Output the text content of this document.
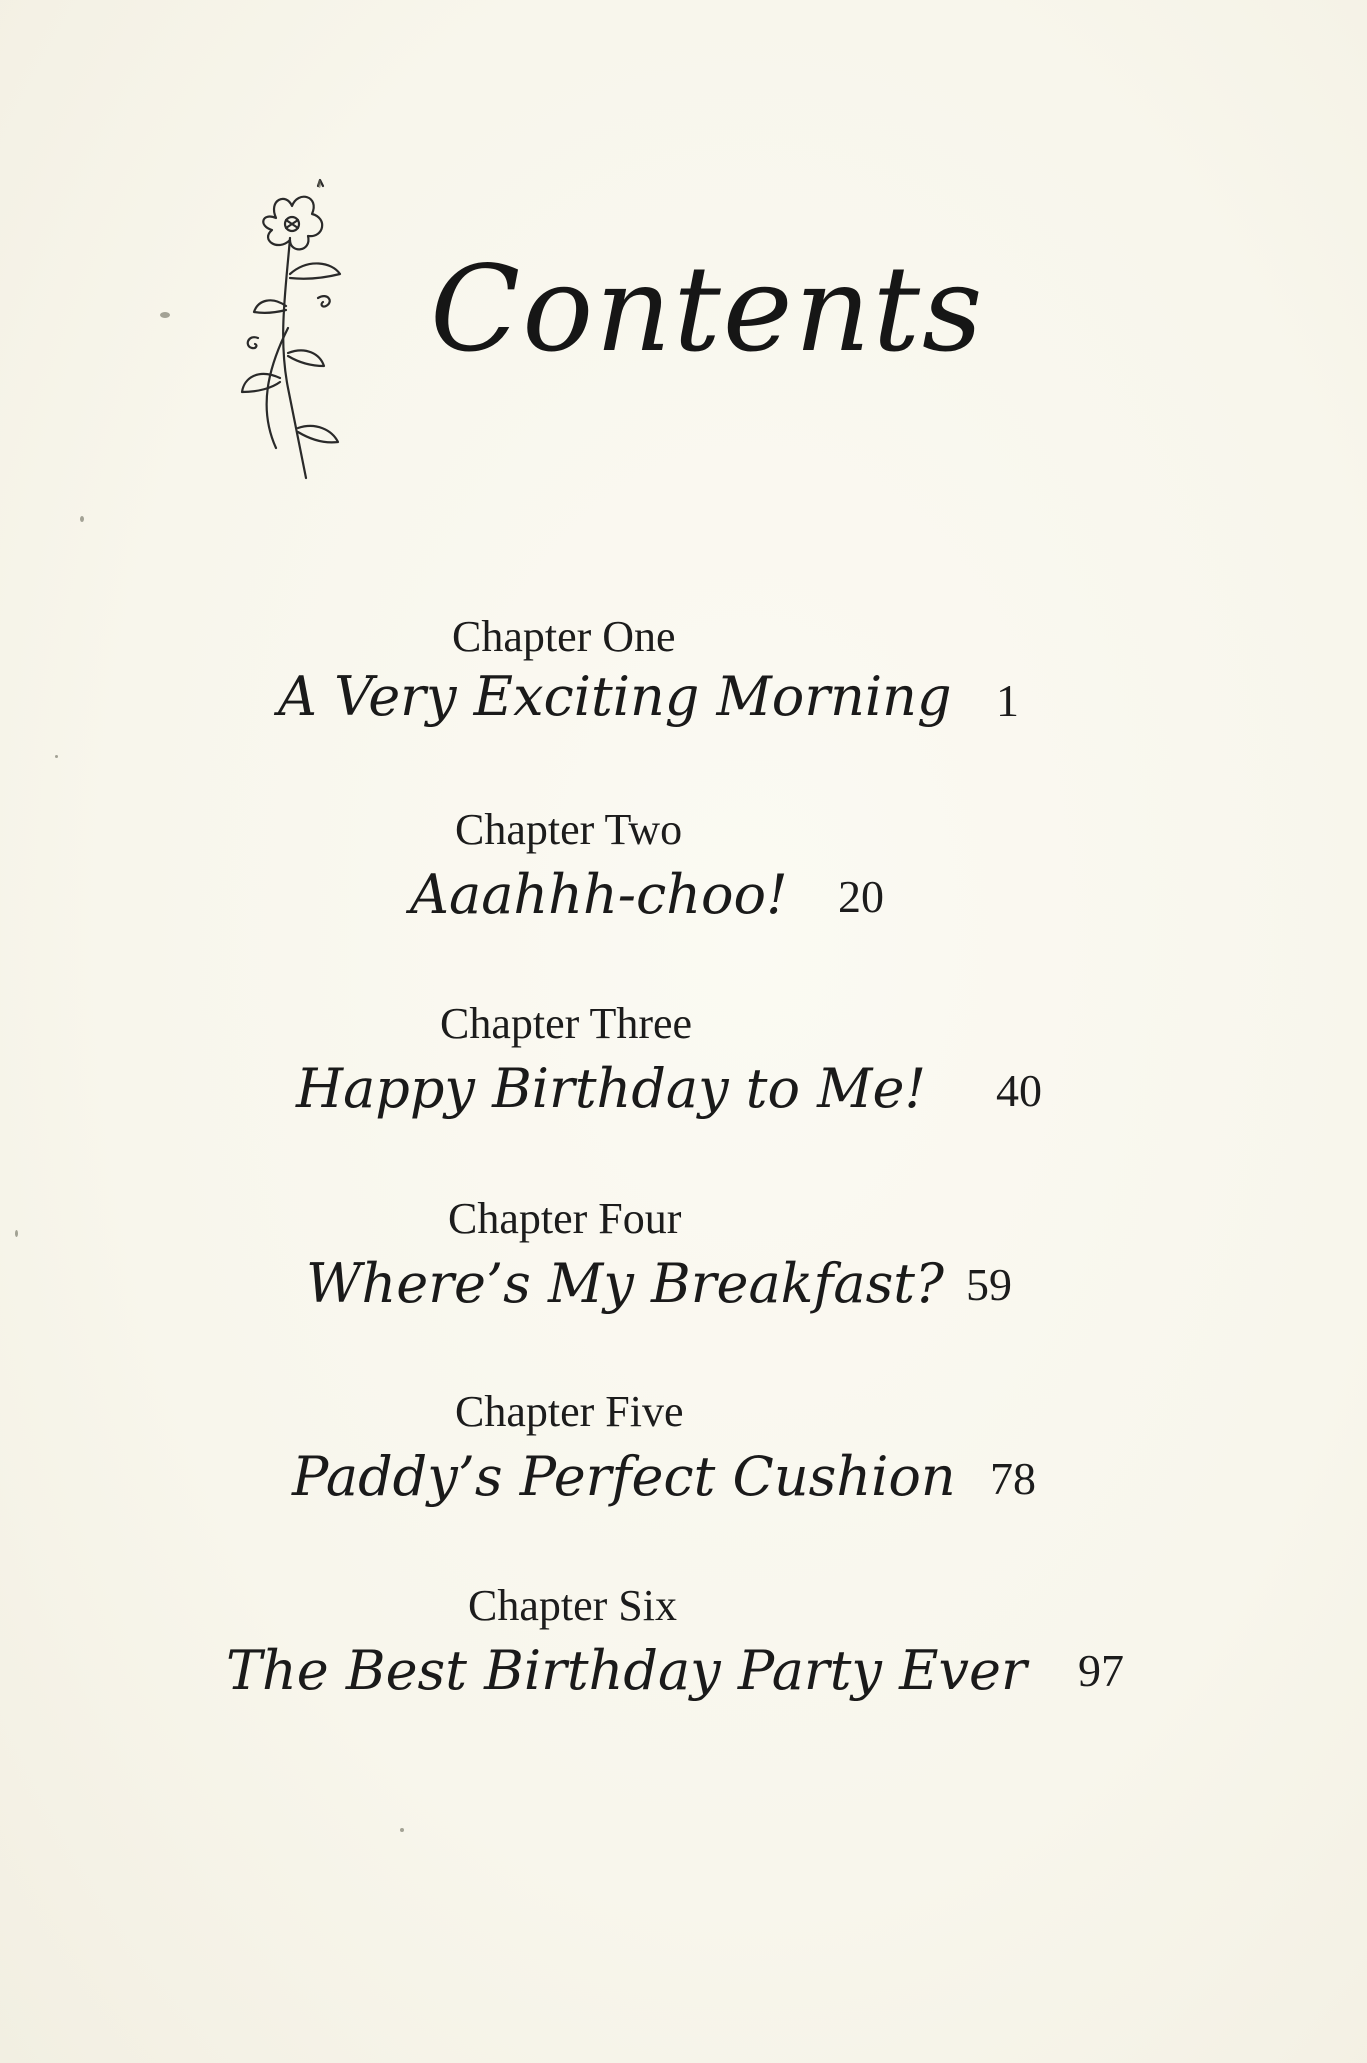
Contents
Chapter One
A Very Exciting Morning 1
Chapter Two
Aaahhh-choo! 20
Chapter Three
Happy Birthday to Me! 40
Chapter Four
Where’s My Breakfast? 59
Chapter Five
Paddy’s Perfect Cushion 78
Chapter Six
The Best Birthday Party Ever 97
